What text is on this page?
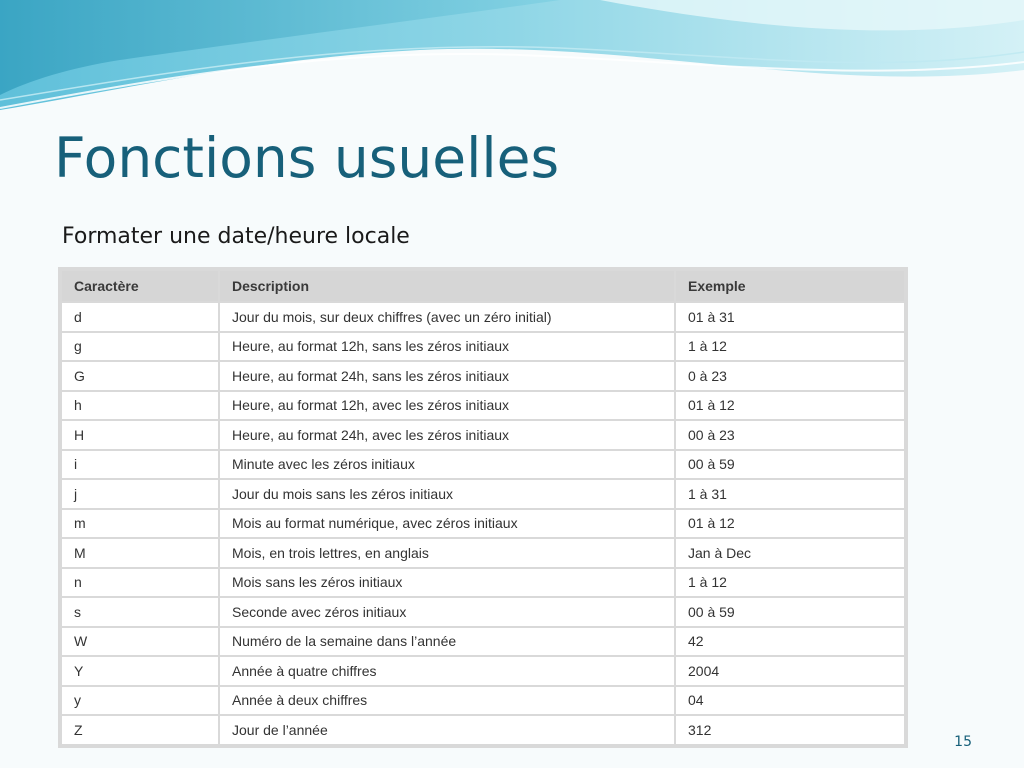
Fonctions usuelles

Formater une date/heure locale

Caractère	Description	Exemple
d	Jour du mois, sur deux chiffres (avec un zéro initial)	01 à 31
g	Heure, au format 12h, sans les zéros initiaux	1 à 12
G	Heure, au format 24h, sans les zéros initiaux	0 à 23
h	Heure, au format 12h, avec les zéros initiaux	01 à 12
H	Heure, au format 24h, avec les zéros initiaux	00 à 23
i	Minute avec les zéros initiaux	00 à 59
j	Jour du mois sans les zéros initiaux	1 à 31
m	Mois au format numérique, avec zéros initiaux	01 à 12
M	Mois, en trois lettres, en anglais	Jan à Dec
n	Mois sans les zéros initiaux	1 à 12
s	Seconde avec zéros initiaux	00 à 59
W	Numéro de la semaine dans l’année	42
Y	Année à quatre chiffres	2004
y	Année à deux chiffres	04
Z	Jour de l’année	312
15
